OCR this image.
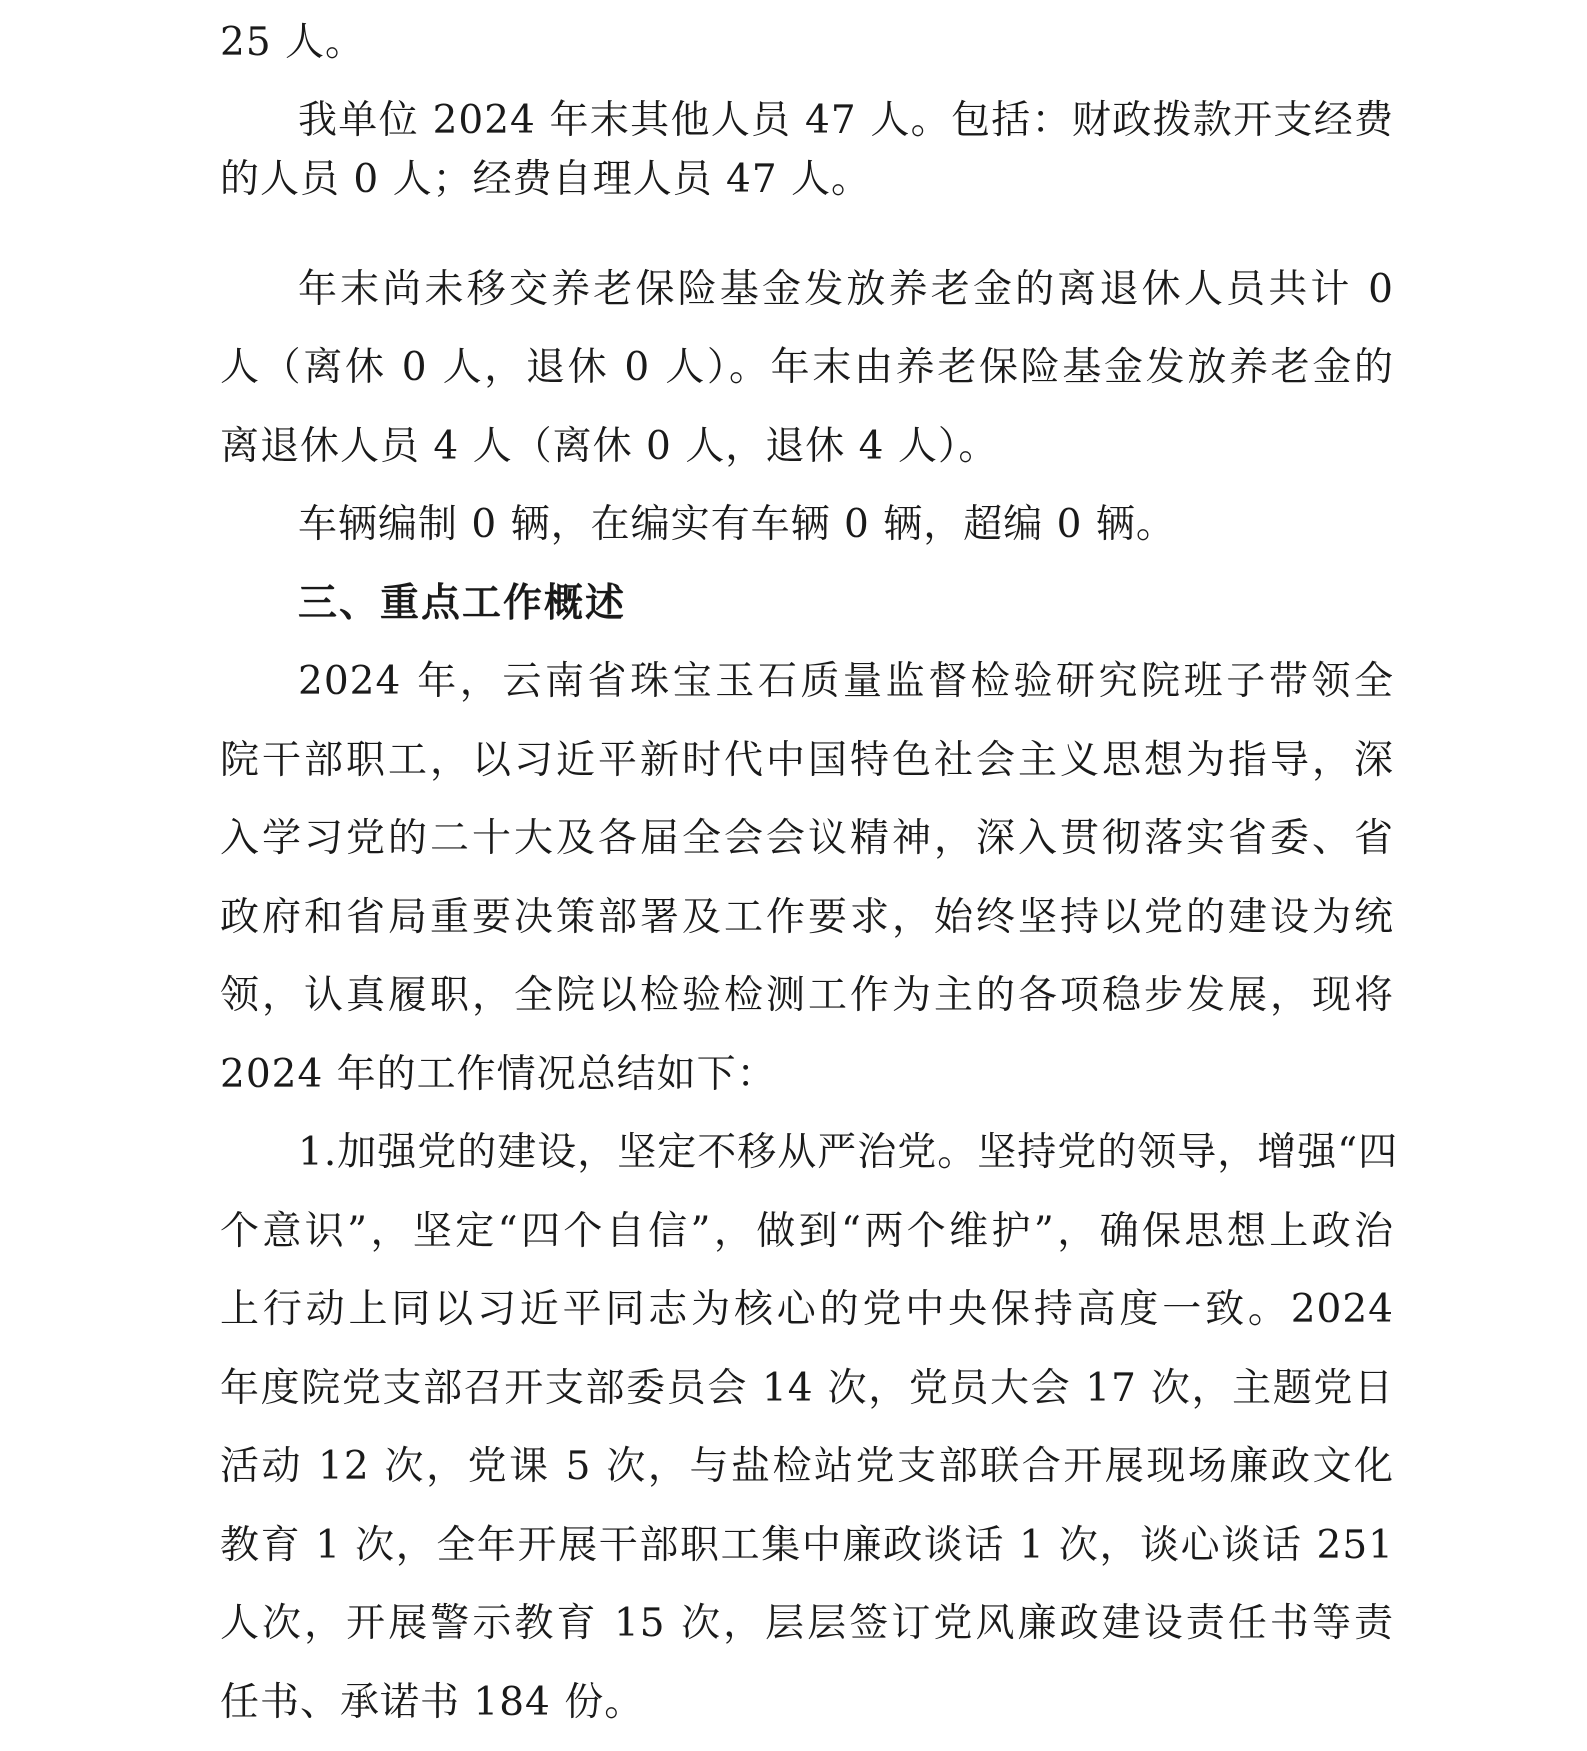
25 人。
我单位 2024 年末其他人员 47 人。包括：财政拨款开支经费
的人员 0 人；经费自理人员 47 人。
年末尚未移交养老保险基金发放养老金的离退休人员共计 0
人（离休 0 人，退休 0 人）。年末由养老保险基金发放养老金的
离退休人员 4 人（离休 0 人，退休 4 人）。
车辆编制 0 辆，在编实有车辆 0 辆，超编 0 辆。
三、重点工作概述
2024 年，云南省珠宝玉石质量监督检验研究院班子带领全
院干部职工，以习近平新时代中国特色社会主义思想为指导，深
入学习党的二十大及各届全会会议精神，深入贯彻落实省委、省
政府和省局重要决策部署及工作要求，始终坚持以党的建设为统
领，认真履职，全院以检验检测工作为主的各项稳步发展，现将
2024 年的工作情况总结如下：
1.加强党的建设，坚定不移从严治党。坚持党的领导，增强“四
个意识”，坚定“四个自信”，做到“两个维护”，确保思想上政治
上行动上同以习近平同志为核心的党中央保持高度一致。2024
年度院党支部召开支部委员会 14 次，党员大会 17 次，主题党日
活动 12 次，党课 5 次，与盐检站党支部联合开展现场廉政文化
教育 1 次，全年开展干部职工集中廉政谈话 1 次，谈心谈话 251
人次，开展警示教育 15 次，层层签订党风廉政建设责任书等责
任书、承诺书 184 份。
